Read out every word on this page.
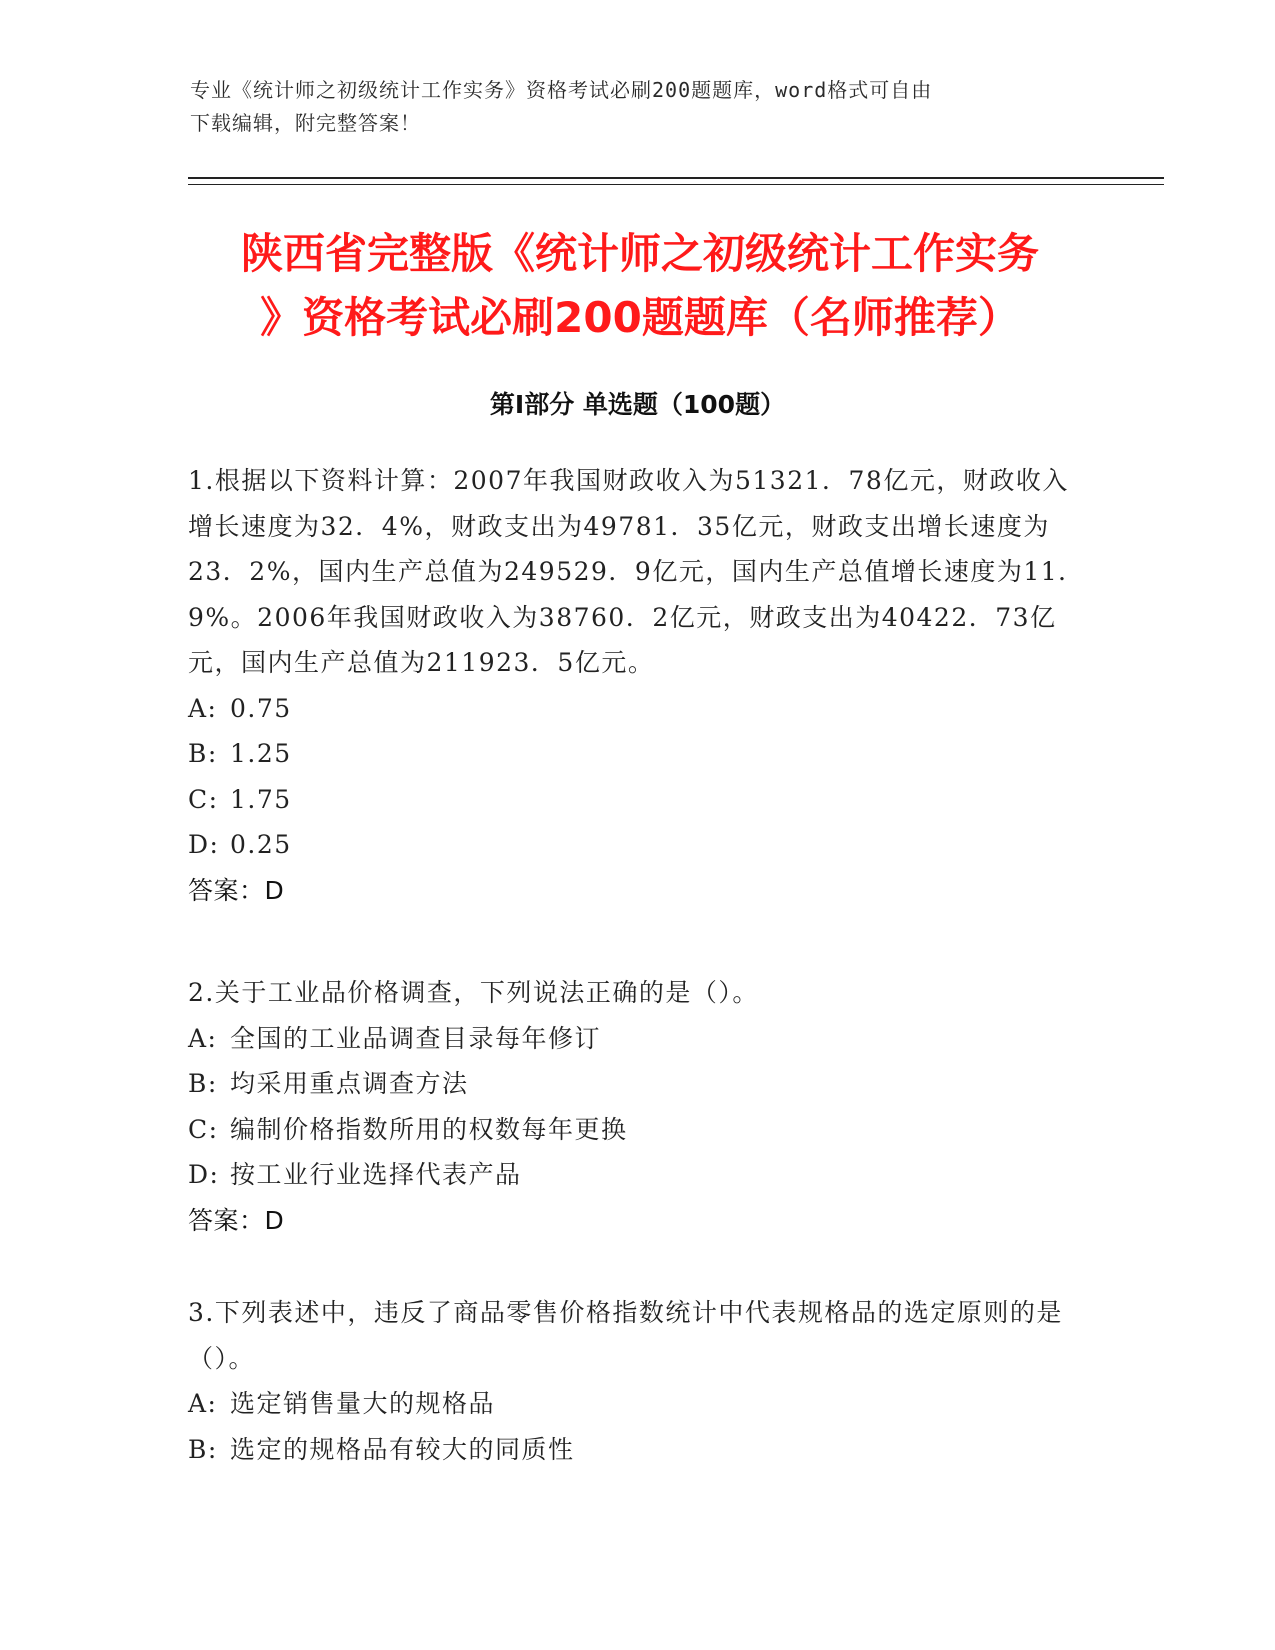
专业《统计师之初级统计工作实务》资格考试必刷200题题库，word格式可自由
下载编辑，附完整答案！
陕西省完整版《统计师之初级统计工作实务
》资格考试必刷200题题库（名师推荐）
第Ⅰ部分 单选题（100题）
1.根据以下资料计算：2007年我国财政收入为51321．78亿元，财政收入增长速度为32．4%，财政支出为49781．35亿元，财政支出增长速度为23．2%，国内生产总值为249529．9亿元，国内生产总值增长速度为11．9%。2006年我国财政收入为38760．2亿元，财政支出为40422．73亿元，国内生产总值为211923．5亿元。
A: 0.75
B: 1.25
C: 1.75
D: 0.25
答案：D
2.关于工业品价格调查，下列说法正确的是（）。
A: 全国的工业品调查目录每年修订
B: 均采用重点调查方法
C: 编制价格指数所用的权数每年更换
D: 按工业行业选择代表产品
答案：D
3.下列表述中，违反了商品零售价格指数统计中代表规格品的选定原则的是（）。
A: 选定销售量大的规格品
B: 选定的规格品有较大的同质性
